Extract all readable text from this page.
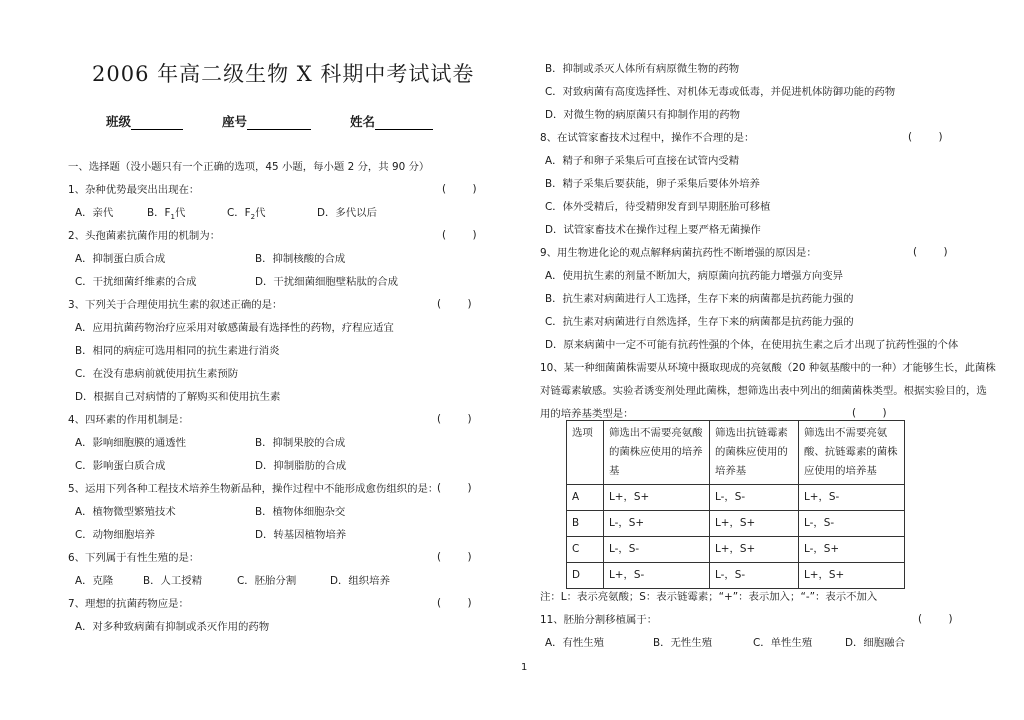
2006 年高二级生物 X 科期中考试试卷
班级	座号	姓名
一、选择题（没小题只有一个正确的选项，45 小题，每小题 2 分，共 90 分）
1、杂种优势最突出出现在：	(        )
A．亲代	B．$F_1$代	C．$F_2$代	D．多代以后
2、头孢菌素抗菌作用的机制为：	(        )
A．抑制蛋白质合成	B．抑制核酸的合成
C．干扰细菌纤维素的合成	D．干扰细菌细胞壁粘肽的合成
3、下列关于合理使用抗生素的叙述正确的是：	(        )
A．应用抗菌药物治疗应采用对敏感菌最有选择性的药物，疗程应适宜
B．相同的病症可选用相同的抗生素进行消炎
C．在没有患病前就使用抗生素预防
D．根据自己对病情的了解购买和使用抗生素
4、四环素的作用机制是：	(        )
A．影响细胞膜的通透性	B．抑制果胶的合成
C．影响蛋白质合成	D．抑制脂肪的合成
5、运用下列各种工程技术培养生物新品种，操作过程中不能形成愈伤组织的是：
(        )
A．植物微型繁殖技术	B．植物体细胞杂交
C．动物细胞培养	D．转基因植物培养
6、下列属于有性生殖的是：	(        )
A．克隆	B．人工授精	C．胚胎分割	D．组织培养
7、理想的抗菌药物应是：	(        )
A．对多种致病菌有抑制或杀灭作用的药物
B．抑制或杀灭人体所有病原微生物的药物
C．对致病菌有高度选择性、对机体无毒或低毒，并促进机体防御功能的药物
D．对微生物的病原菌只有抑制作用的药物
8、在试管家畜技术过程中，操作不合理的是：	(        )
A．精子和卵子采集后可直接在试管内受精
B．精子采集后要获能，卵子采集后要体外培养
C．体外受精后，待受精卵发育到早期胚胎可移植
D．试管家畜技术在操作过程上要严格无菌操作
9、用生物进化论的观点解释病菌抗药性不断增强的原因是：	(        )
A．使用抗生素的剂量不断加大，病原菌向抗药能力增强方向变异
B．抗生素对病菌进行人工选择，生存下来的病菌都是抗药能力强的
C．抗生素对病菌进行自然选择，生存下来的病菌都是抗药能力强的
D．原来病菌中一定不可能有抗药性强的个体，在使用抗生素之后才出现了抗药性强的个体
10、某一种细菌菌株需要从环境中摄取现成的亮氨酸（20 种氨基酸中的一种）才能够生长，此菌株
对链霉素敏感。实验者诱变剂处理此菌株，想筛选出表中列出的细菌菌株类型。根据实验目的，选
用的培养基类型是：	(        )
选项	筛选出不需要亮氨酸的菌株应使用的培养基	筛选出抗链霉素的菌株应使用的培养基	筛选出不需要亮氨酸、抗链霉素的菌株应使用的培养基
A	L+，S+	L-，S-	L+，S-
B	L-，S+	L+，S+	L-，S-
C	L-，S-	L+，S+	L-，S+
D	L+，S-	L-，S-	L+，S+
注：L：表示亮氨酸；S：表示链霉素；“+”：表示加入；“-”：表示不加入
11、胚胎分割移植属于：	(        )
A．有性生殖	B．无性生殖	C．单性生殖	D．细胞融合
1
